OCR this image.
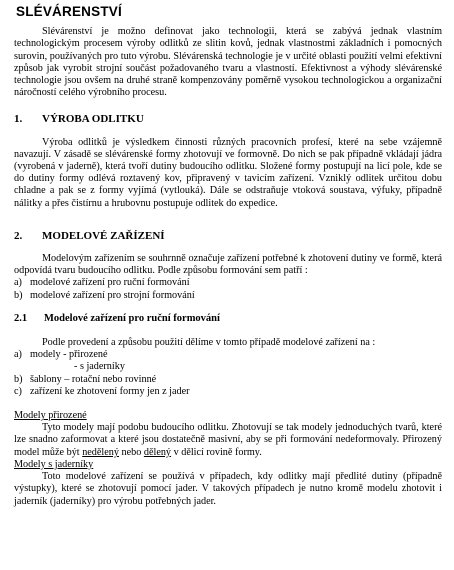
SLÉVÁRENSTVÍ

Slévárenství je možno definovat jako technologii, která se zabývá jednak vlastním technologickým procesem výroby odlitků ze slitin kovů, jednak vlastnostmi základních i pomocných surovin, používaných pro tuto výrobu. Slévárenská technologie je v určité oblasti použití velmi efektivní způsob jak vyrobit strojní součást požadovaného tvaru a vlastností. Efektivnost a výhody slévárenské technologie jsou ovšem na druhé straně kompenzovány poměrně vysokou technologickou a organizační náročností celého výrobního procesu.

1.	VÝROBA ODLITKU

Výroba odlitků je výsledkem činnosti různých pracovních profesí, které na sebe vzájemně navazují. V zásadě se slévárenské formy zhotovují ve formovně. Do nich se pak případně vkládají jádra (vyrobená v jaderně), která tvoří dutiny budoucího odlitku. Složené formy postupují na licí pole, kde se do dutiny formy odlévá roztavený kov, připravený v tavicím zařízení. Vzniklý odlitek určitou dobu chladne a pak se z formy vyjímá (vytlouká). Dále se odstraňuje vtoková soustava, výfuky, případně nálitky a přes čistírnu a hrubovnu postupuje odlitek do expedice.

2.	MODELOVÉ ZAŘÍZENÍ

Modelovým zařízením se souhrnně označuje zařízení potřebné k zhotovení dutiny ve formě, která odpovídá tvaru budoucího odlitku. Podle způsobu formování sem patří :

a) modelové zařízení pro ruční formování
b) modelové zařízení pro strojní formování
2.1	Modelové zařízení pro ruční formování

Podle provedení a způsobu použití dělíme v tomto případě modelové zařízení na :

a) modely - přirozené
- s jaderníky
b) šablony – rotační nebo rovinné
c) zařízení ke zhotovení formy jen z jader

Modely přirozené

Tyto modely mají podobu budoucího odlitku. Zhotovují se tak modely jednoduchých tvarů, které lze snadno zaformovat a které jsou dostatečně masivní, aby se při formování nedeformovaly. Přirozený model může být nedělený nebo dělený v dělicí rovině formy.

Modely s jaderníky

Toto modelové zařízení se používá v případech, kdy odlitky mají předlité dutiny (případně výstupky), které se zhotovují pomocí jader. V takových případech je nutno kromě modelu zhotovit i jaderník (jaderníky) pro výrobu potřebných jader.
